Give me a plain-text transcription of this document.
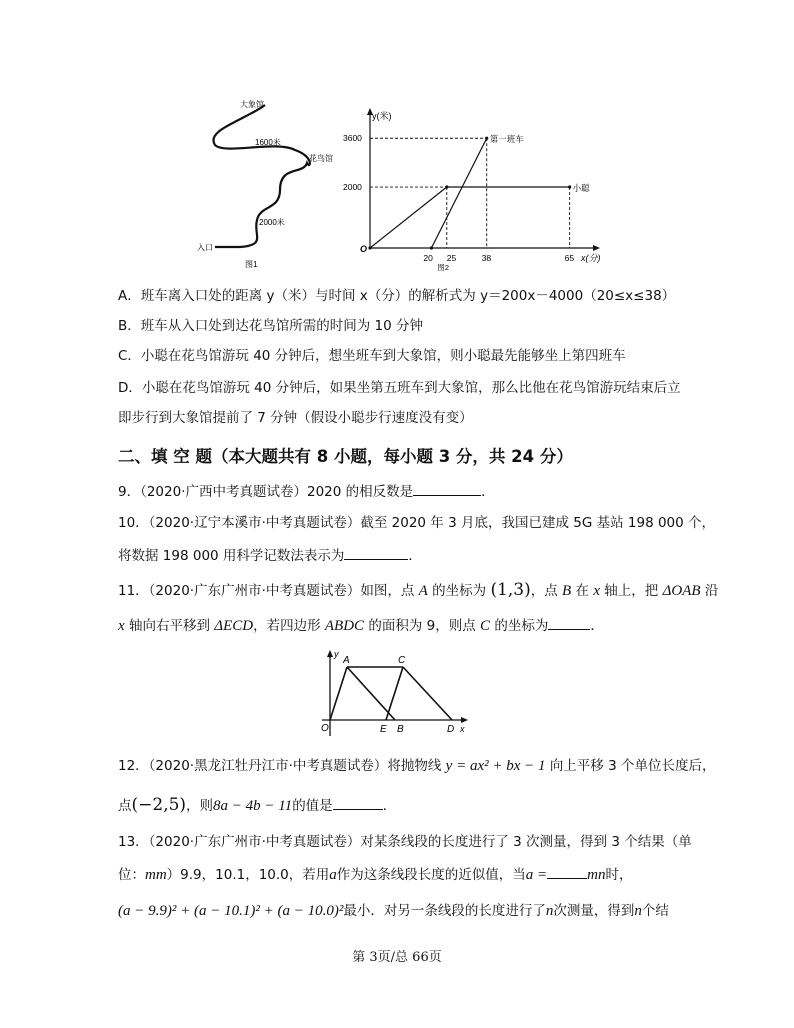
大象馆
1600米
花鸟馆
2000米
入口
图1
y(米)
x(分)
O
2000
3600
20 25	38	65
第一班车
小聪
图2
A．班车离入口处的距离 y（米）与时间 x（分）的解析式为 y＝200x－4000（20≤x≤38）
B．班车从入口处到达花鸟馆所需的时间为 10 分钟
C．小聪在花鸟馆游玩 40 分钟后，想坐班车到大象馆，则小聪最先能够坐上第四班车
D．小聪在花鸟馆游玩 40 分钟后，如果坐第五班车到大象馆，那么比他在花鸟馆游玩结束后立
即步行到大象馆提前了 7 分钟（假设小聪步行速度没有变）
二、填 空 题（本大题共有 8 小题，每小题 3 分，共 24 分）
9．（2020·广西中考真题试卷）2020 的相反数是	．
10．（2020·辽宁本溪市·中考真题试卷）截至 2020 年 3 月底，我国已建成 5G 基站 198 000 个，
将数据 198 000 用科学记数法表示为	．
11．（2020·广东广州市·中考真题试卷）如图，点 A 的坐标为 (1,3)，点 B 在 x 轴上，把 ΔOAB 沿
x 轴向右平移到 ΔECD，若四边形 ABDC 的面积为 9，则点 C 的坐标为	．
y
A	C
O	E B	D x
12．（2020·黑龙江牡丹江市·中考真题试卷）将抛物线 y = ax² + bx − 1 向上平移 3 个单位长度后，
点(−2,5)，则8a − 4b − 11的值是	．
13．（2020·广东广州市·中考真题试卷）对某条线段的长度进行了 3 次测量，得到 3 个结果（单
位：mm）9.9，10.1，10.0，若用a作为这条线段长度的近似值，当a =	mn时，
(a − 9.9)² + (a − 10.1)² + (a − 10.0)²最小．对另一条线段的长度进行了n次测量，得到n个结
第 3页/总 66页
